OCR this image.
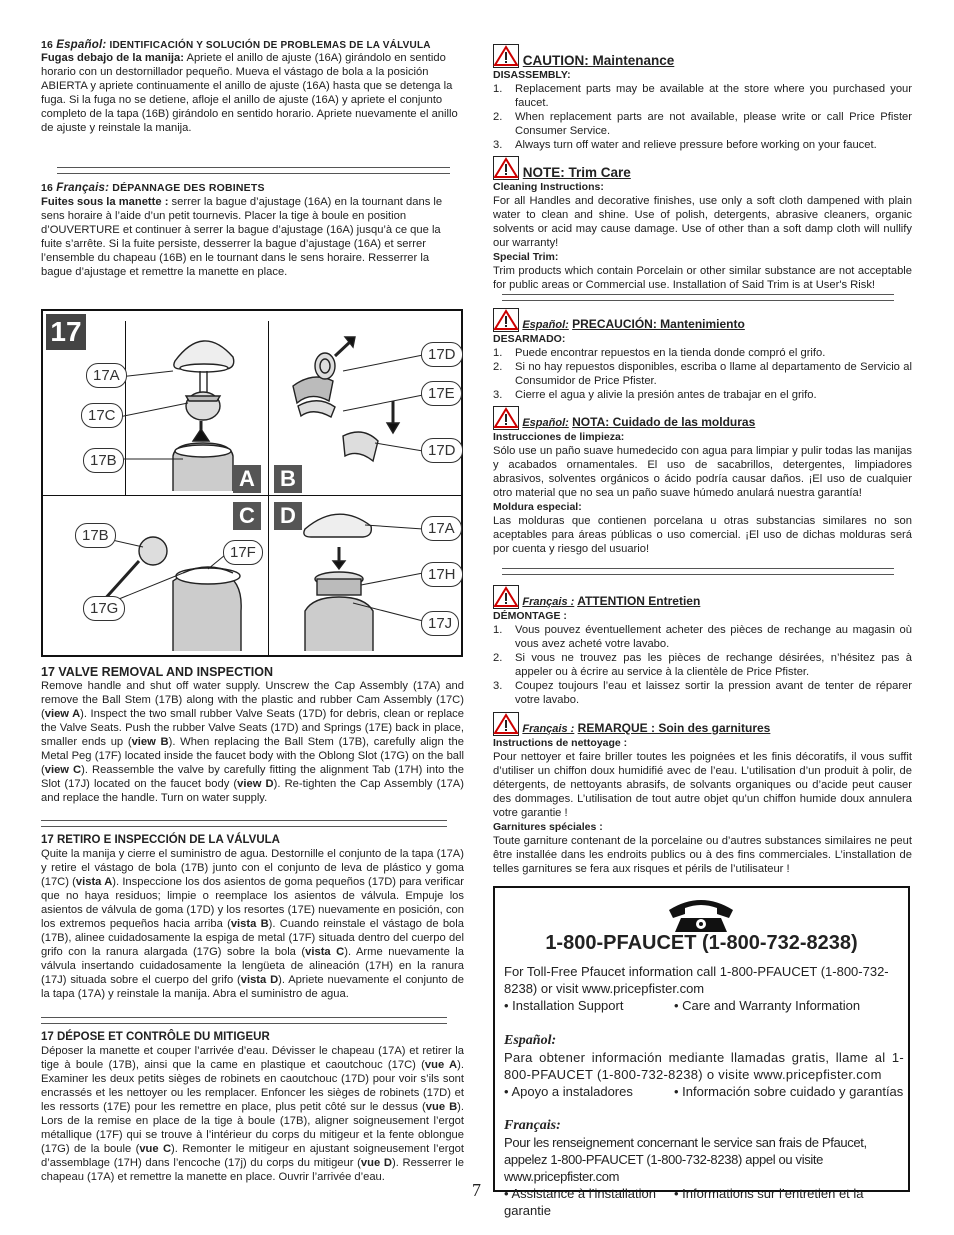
16 Español: IDENTIFICACIÓN Y SOLUCIÓN DE PROBLEMAS DE LA VÁLVULA

Fugas debajo de la manija: Apriete el anillo de ajuste (16A) girándolo en sentido horario con un destornillador pequeño. Mueva el vástago de bola a la posición ABIERTA y apriete continuamente el anillo de ajuste (16A) hasta que se detenga la fuga. Si la fuga no se detiene, afloje el anillo de ajuste (16A) y apriete el conjunto completo de la tapa (16B) girándolo en sentido horario. Apriete nuevamente el anillo de ajuste y reinstale la manija.

16 Français: DÉPANNAGE DES ROBINETS

Fuites sous la manette : serrer la bague d’ajustage (16A) en la tournant dans le sens horaire à l’aide d’un petit tournevis. Placer la tige à boule en position d’OUVERTURE et continuer à serrer la bague d’ajustage (16A) jusqu’à ce que la fuite s’arrête. Si la fuite persiste, desserrer la bague d’ajustage (16A) et serrer l’ensemble du chapeau (16B) en le tournant dans le sens horaire. Resserrer la bague d’ajustage et remettre la manette en place.

17
A B
C D
17A
17C
17B
17D
17E
17D
17B
17F
17G
17A
17H
17J
17 VALVE REMOVAL AND INSPECTION

Remove handle and shut off water supply. Unscrew the Cap Assembly (17A) and remove the Ball Stem (17B) along with the plastic and rubber Cam Assembly (17C) (view A). Inspect the two small rubber Valve Seats (17D) for debris, clean or replace the Valve Seats. Push the rubber Valve Seats (17D) and Springs (17E) back in place, smaller ends up (view B). When replacing the Ball Stem (17B), carefully align the Metal Peg (17F) located inside the faucet body with the Oblong Slot (17G) on the ball (view C). Reassemble the valve by carefully fitting the alignment Tab (17H) into the Slot (17J) located on the faucet body (view D). Re-tighten the Cap Assembly (17A) and replace the handle. Turn on water supply.

17 RETIRO E INSPECCIÓN DE LA VÁLVULA

Quite la manija y cierre el suministro de agua. Destornille el conjunto de la tapa (17A) y retire el vástago de bola (17B) junto con el conjunto de leva de plástico y goma (17C) (vista A). Inspeccione los dos asientos de goma pequeños (17D) para verificar que no haya residuos; limpie o reemplace los asientos de válvula. Empuje los asientos de válvula de goma (17D) y los resortes (17E) nuevamente en posición, con los extremos pequeños hacia arriba (vista B). Cuando reinstale el vástago de bola (17B), alinee cuidadosamente la espiga de metal (17F) situada dentro del cuerpo del grifo con la ranura alargada (17G) sobre la bola (vista C). Arme nuevamente la válvula insertando cuidadosamente la lengüeta de alineación (17H) en la ranura (17J) situada sobre el cuerpo del grifo (vista D). Apriete nuevamente el conjunto de la tapa (17A) y reinstale la manija. Abra el suministro de agua.

17 DÉPOSE ET CONTRÔLE DU MITIGEUR

Déposer la manette et couper l’arrivée d’eau. Dévisser le chapeau (17A) et retirer la tige à boule (17B), ainsi que la came en plastique et caoutchouc (17C) (vue A). Examiner les deux petits sièges de robinets en caoutchouc (17D) pour voir s’ils sont encrassés et les nettoyer ou les remplacer. Enfoncer les sièges de robinets (17D) et les ressorts (17E) pour les remettre en place, plus petit côté sur le dessus (vue B). Lors de la remise en place de la tige à boule (17B), aligner soigneusement l’ergot métallique (17F) qui se trouve à l’intérieur du corps du mitigeur et la fente oblongue (17G) de la boule (vue C). Remonter le mitigeur en ajustant soigneusement l’ergot d’assemblage (17H) dans l’encoche (17j) du corps du mitigeur (vue D). Resserrer le chapeau (17A) et remettre la manette en place. Ouvrir l’arrivée d’eau.

CAUTION: Maintenance
DISASSEMBLY:
1. Replacement parts may be available at the store where you purchased your faucet.
2. When replacement parts are not available, please write or call Price Pfister Consumer Service.
3. Always turn off water and relieve pressure before working on your faucet.
NOTE: Trim Care
Cleaning Instructions:

For all Handles and decorative finishes, use only a soft cloth dampened with plain water to clean and shine. Use of polish, detergents, abrasive cleaners, organic solvents or acid may cause damage. Use of other than a soft damp cloth will nullify our warranty!

Special Trim:

Trim products which contain Porcelain or other similar substance are not acceptable for public areas or Commercial use. Installation of Said Trim is at User's Risk!

Español: PRECAUCIÓN: Mantenimiento
DESARMADO:
1. Puede encontrar repuestos en la tienda donde compró el grifo.
2. Si no hay repuestos disponibles, escriba o llame al departamento de Servicio al Consumidor de Price Pfister.
3. Cierre el agua y alivie la presión antes de trabajar en el grifo.
Español: NOTA: Cuidado de las molduras
Instrucciones de limpieza:

Sólo use un paño suave humedecido con agua para limpiar y pulir todas las manijas y acabados ornamentales. El uso de sacabrillos, detergentes, limpiadores abrasivos, solventes orgánicos o ácido podría causar daños. ¡El uso de cualquier otro material que no sea un paño suave húmedo anulará nuestra garantía!

Moldura especial:

Las molduras que contienen porcelana u otras substancias similares no son aceptables para áreas públicas o uso comercial. ¡El uso de dichas molduras será por cuenta y riesgo del usuario!

Français : ATTENTION Entretien
DÉMONTAGE :
1. Vous pouvez éventuellement acheter des pièces de rechange au magasin où vous avez acheté votre lavabo.
2. Si vous ne trouvez pas les pièces de rechange désirées, n’hésitez pas à appeler ou à écrire au service à la clientèle de Price Pfister.
3. Coupez toujours l’eau et laissez sortir la pression avant de tenter de réparer votre lavabo.
Français : REMARQUE : Soin des garnitures
Instructions de nettoyage :

Pour nettoyer et faire briller toutes les poignées et les finis décoratifs, il vous suffit d’utiliser un chiffon doux humidifié avec de l’eau. L’utilisation d’un produit à polir, de détergents, de nettoyants abrasifs, de solvants organiques ou d’acide peut causer des dommages. L’utilisation de tout autre objet qu’un chiffon humide doux annulera votre garantie !

Garnitures spéciales :

Toute garniture contenant de la porcelaine ou d’autres substances similaires ne peut être installée dans les endroits publics ou à des fins commerciales. L’installation de telles garnitures se fera aux risques et périls de l’utilisateur !

1-800-PFAUCET (1-800-732-8238)
For Toll-Free Pfaucet information call 1-800-PFAUCET (1-800-732-8238) or visit www.pricepfister.com
• Installation Support	• Care and Warranty Information
Español:
Para obtener información mediante llamadas gratis, llame al 1-800-PFAUCET (1-800-732-8238) o visite www.pricepfister.com
• Apoyo a instaladores	• Información sobre cuidado y garantías
Français:
Pour les renseignement concernant le service san frais de Pfaucet, appelez 1-800-PFAUCET (1-800-732-8238) appel ou visite www.pricepfister.com
• Assistance à l’installation • Informations sur l’entretien et la garantie
7
